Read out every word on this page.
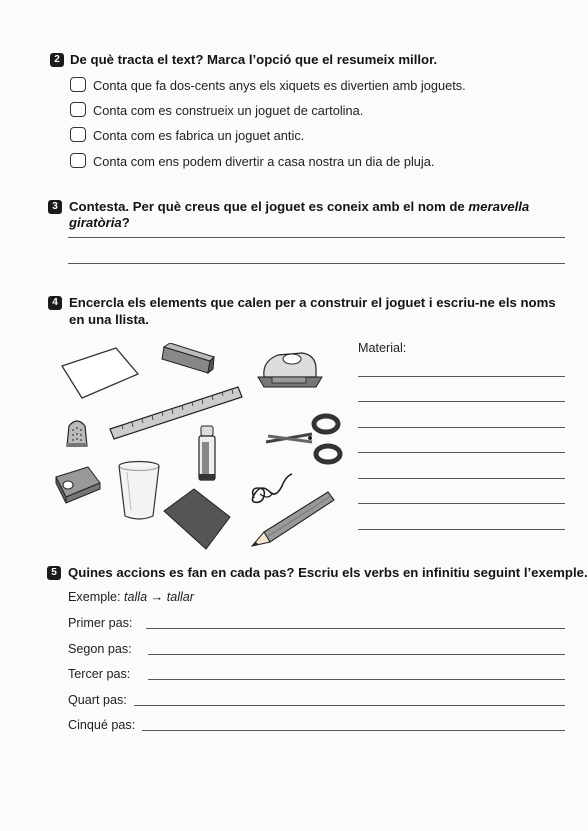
2 De què tracta el text? Marca l’opció que el resumeix millor.
Conta que fa dos-cents anys els xiquets es divertien amb joguets.
Conta com es construeix un joguet de cartolina.
Conta com es fabrica un joguet antic.
Conta com ens podem divertir a casa nostra un dia de pluja.
3 Contesta. Per què creus que el joguet es coneix amb el nom de meravella giratòria?
4 Encercla els elements que calen per a construir el joguet i escriu-ne els noms
en una llista.
Material:
5 Quines accions es fan en cada pas? Escriu els verbs en infinitiu seguint l’exemple.
Exemple: talla → tallar
Primer pas:
Segon pas:
Tercer pas:
Quart pas:
Cinqué pas:
